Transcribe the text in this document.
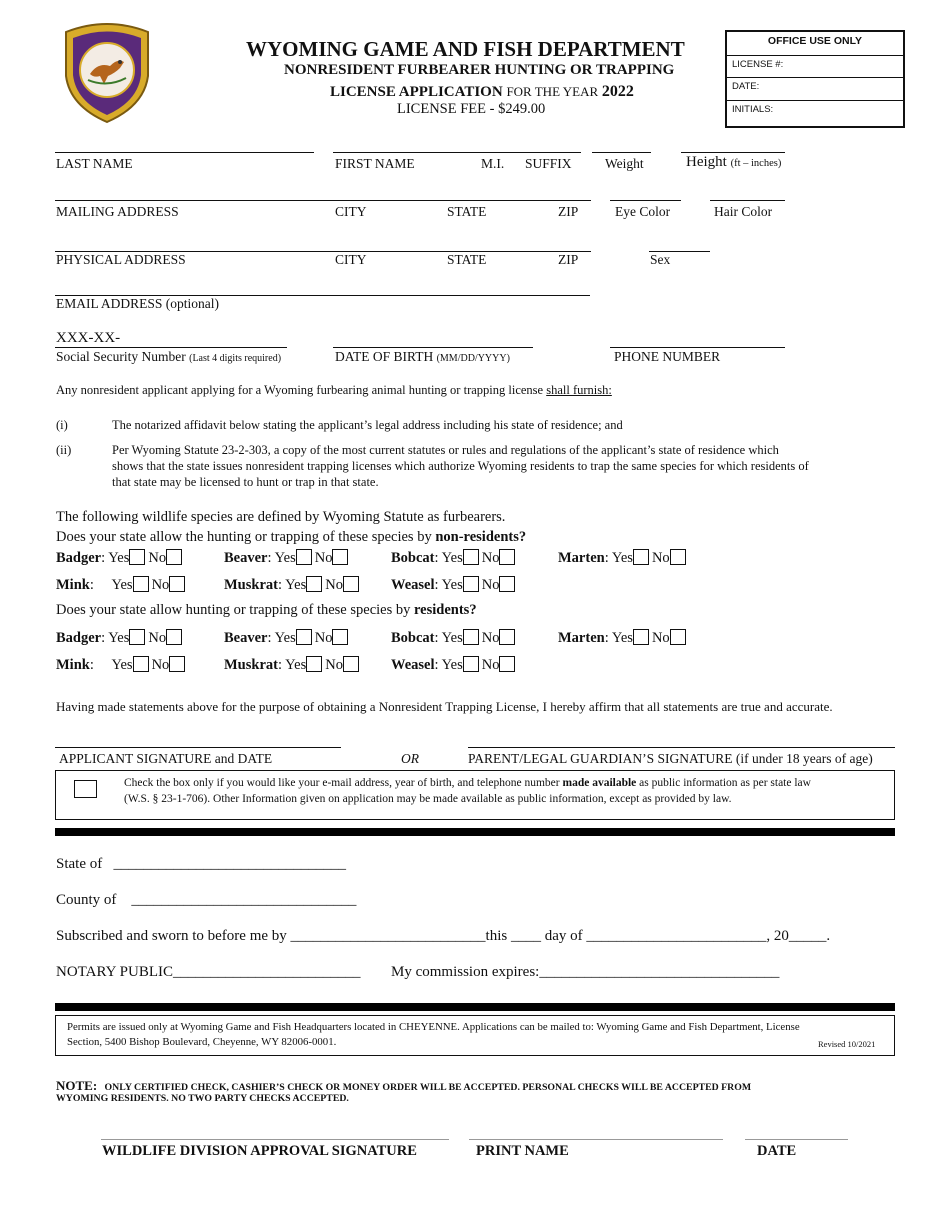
WYOMING GAME AND FISH DEPARTMENT
NONRESIDENT FURBEARER HUNTING OR TRAPPING
LICENSE APPLICATION FOR THE YEAR 2022
LICENSE FEE - $249.00
OFFICE USE ONLY
LICENSE #:
DATE:
INITIALS:
LAST NAME	FIRST NAME	M.I. SUFFIX Weight	Height (ft – inches)
MAILING ADDRESS	CITY	STATE	ZIP	Eye Color	Hair Color
PHYSICAL ADDRESS	CITY	STATE	ZIP	Sex
EMAIL ADDRESS (optional)
XXX-XX-
Social Security Number (Last 4 digits required)	DATE OF BIRTH (MM/DD/YYYY)	PHONE NUMBER
Any nonresident applicant applying for a Wyoming furbearing animal hunting or trapping license shall furnish:
(i)	The notarized affidavit below stating the applicant’s legal address including his state of residence; and
(ii)	Per Wyoming Statute 23-2-303, a copy of the most current statutes or rules and regulations of the applicant’s state of residence which
shows that the state issues nonresident trapping licenses which authorize Wyoming residents to trap the same species for which residents of
that state may be licensed to hunt or trap in that state.
The following wildlife species are defined by Wyoming Statute as furbearers.
Does your state allow the hunting or trapping of these species by non-residents?
Badger: Yes No	Beaver: Yes No	Bobcat: Yes No	Marten: Yes No
Mink: Yes No	Muskrat: Yes No	Weasel: Yes No
Does your state allow hunting or trapping of these species by residents?
Badger: Yes No	Beaver: Yes No	Bobcat: Yes No	Marten: Yes No
Mink: Yes No	Muskrat: Yes No	Weasel: Yes No
Having made statements above for the purpose of obtaining a Nonresident Trapping License, I hereby affirm that all statements are true and accurate.
APPLICANT SIGNATURE and DATE	OR	PARENT/LEGAL GUARDIAN’S SIGNATURE (if under 18 years of age)
Check the box only if you would like your e-mail address, year of birth, and telephone number made available as public information as per state law
(W.S. § 23-1-706). Other Information given on application may be made available as public information, except as provided by law.
State of _______________________________
County of ______________________________
Subscribed and sworn to before me by __________________________this ____ day of ________________________, 20_____.
NOTARY PUBLIC_________________________ My commission expires:________________________________
Permits are issued only at Wyoming Game and Fish Headquarters located in CHEYENNE. Applications can be mailed to: Wyoming Game and Fish Department, License
Section, 5400 Bishop Boulevard, Cheyenne, WY 82006-0001.	Revised 10/2021
NOTE: ONLY CERTIFIED CHECK, CASHIER’S CHECK OR MONEY ORDER WILL BE ACCEPTED. PERSONAL CHECKS WILL BE ACCEPTED FROM
WYOMING RESIDENTS. NO TWO PARTY CHECKS ACCEPTED.
WILDLIFE DIVISION APPROVAL SIGNATURE	PRINT NAME	DATE
